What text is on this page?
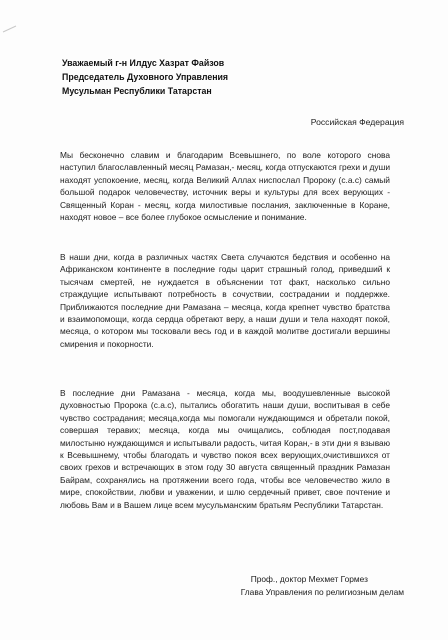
Уважаемый г-н Илдус Хазрат Файзов
Председатель Духовного Управления
Мусульман Республики Татарстан
Российская Федерация
Мы бесконечно славим и благодарим Всевышнего, по воле которого снова наступил благославленный месяц Рамазан,- месяц, когда отпускаются грехи и души находят успокоение, месяц, когда Великий Аллах ниспослал Пророку (с.а.с) самый большой подарок человечеству, источник веры и культуры для всех верующих - Священный Коран - месяц, когда милостивые послания, заключенные в Коране, находят новое – все более глубокое осмысление и понимание.
В наши дни, когда в различных частях Света случаются бедствия и особенно на Африканском континенте в последние годы царит страшный голод, приведший к тысячам смертей, не нуждается в объяснении тот факт, насколько сильно страждущие испытывают потребность в сочуствии, сострадании и поддержке. Приближаются последние дни Рамазана – месяца, когда крепнет чувство братства и взаимопомощи, когда сердца обретают веру, а наши души и тела находят покой, месяца, о котором мы тосковали весь год и в каждой молитве достигали вершины смирения и покорности.
В последние дни Рамазана - месяца, когда мы, воодушевленные высокой духовностью Пророка (с.а.с), пытались обогатить наши души, воспитывая в себе чувство сострадания; месяца,когда мы помогали нуждающимся и обретали покой, совершая теравих; месяца, когда мы очищались, соблюдая пост,подавая милостыню нуждающимся и испытывали радость, читая Коран,- в эти дни я взываю к Всевышнему, чтобы благодать и чувство покоя всех верующих,очистившихся от своих грехов и встречающих в этом году 30 августа священный праздник Рамазан Байрам, сохранялись на протяжении всего года, чтобы все человечество жило в мире, спокойствии, любви и уважении, и шлю сердечный привет, свое почтение и любовь Вам и в Вашем лице всем мусульманским братьям Республики Татарстан.
Проф., доктор Мехмет Гормез
Глава Управления по религиозным делам
